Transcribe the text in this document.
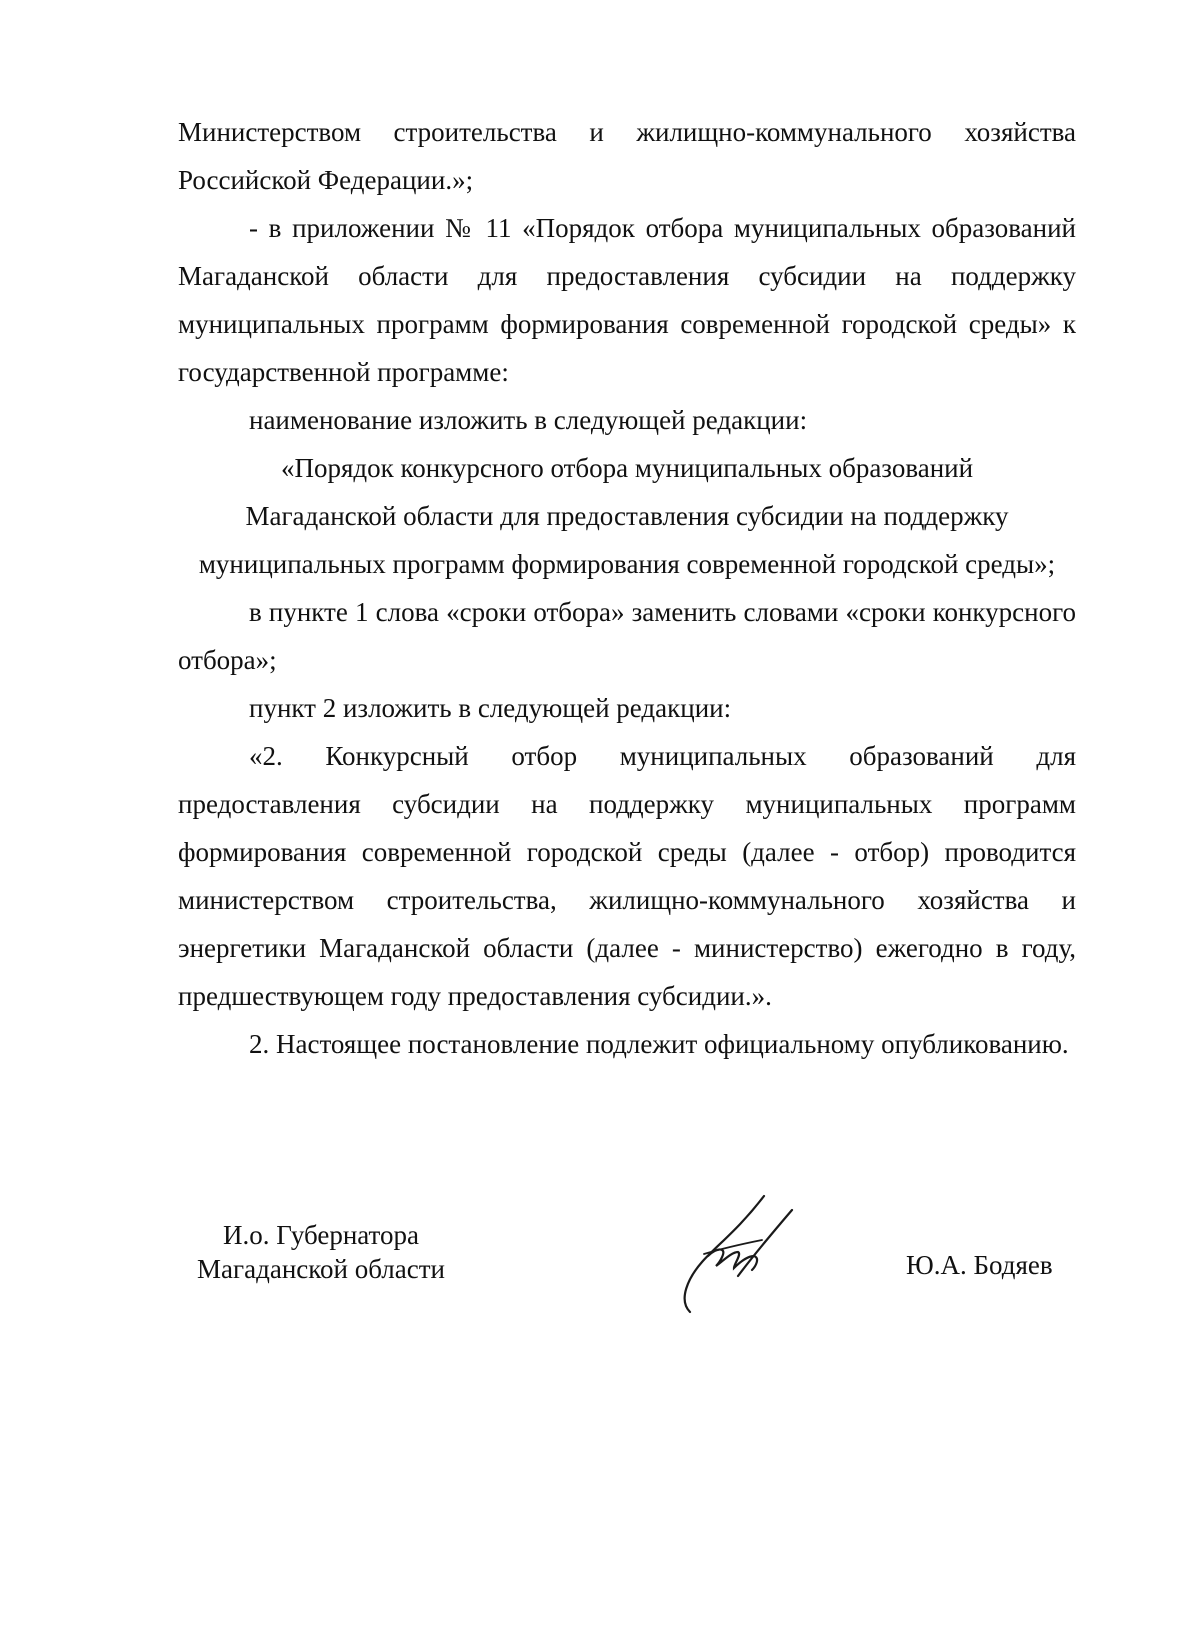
Министерством строительства и жилищно-коммунального хозяйства Российской Федерации.»;

- в приложении № 11 «Порядок отбора муниципальных образований Магаданской области для предоставления субсидии на поддержку муниципальных программ формирования современной городской среды» к государственной программе:

наименование изложить в следующей редакции:

«Порядок конкурсного отбора муниципальных образований
Магаданской области для предоставления субсидии на поддержку
муниципальных программ формирования современной городской среды»;

в пункте 1 слова «сроки отбора» заменить словами «сроки конкурсного отбора»;

пункт 2 изложить в следующей редакции:

«2. Конкурсный отбор муниципальных образований для предоставления субсидии на поддержку муниципальных программ формирования современной городской среды (далее - отбор) проводится министерством строительства, жилищно-коммунального хозяйства и энергетики Магаданской области (далее - министерство) ежегодно в году, предшествующем году предоставления субсидии.».

2. Настоящее постановление подлежит официальному опубликованию.

И.о. Губернатора
Магаданской области	Ю.А. Бодяев
